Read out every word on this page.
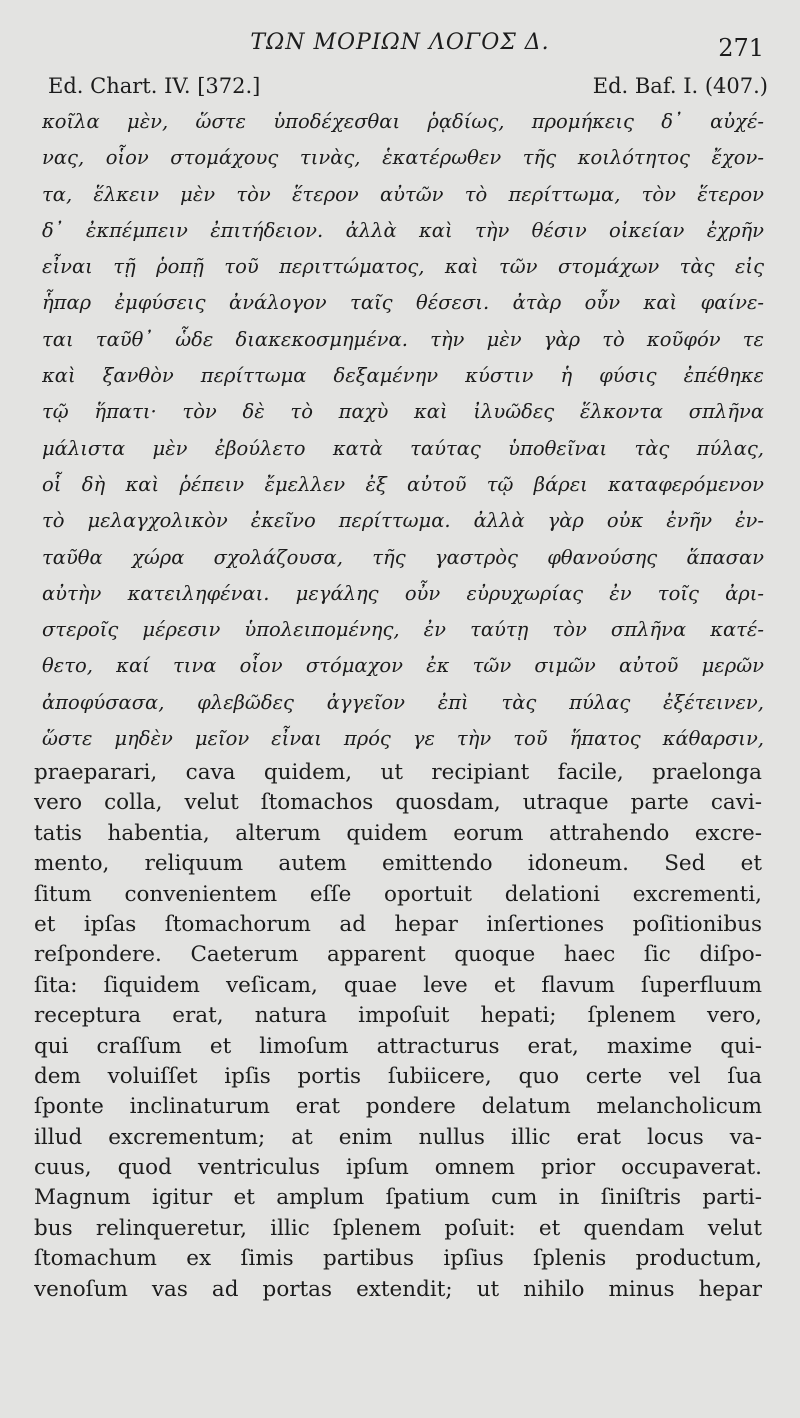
ΤΩΝ ΜΟΡΙΩΝ ΛΟΓΟΣ Δ.	271
Ed. Chart. IV. [372.]	Ed. Baf. I. (407.)
κοῖλα μὲν, ὥστε ὑποδέχεσθαι ῥᾳδίως, προμήκεις δ᾽ αὐχέ-
νας, οἷον στομάχους τινὰς, ἑκατέρωθεν τῆς κοιλότητος ἔχον-
τα, ἕλκειν μὲν τὸν ἕτερον αὐτῶν τὸ περίττωμα, τὸν ἕτερον
δ᾽ ἐκπέμπειν ἐπιτήδειον. ἀλλὰ καὶ τὴν θέσιν οἰκείαν ἐχρῆν
εἶναι τῇ ῥοπῇ τοῦ περιττώματος, καὶ τῶν στομάχων τὰς εἰς
ἧπαρ ἐμφύσεις ἀνάλογον ταῖς θέσεσι. ἀτὰρ οὖν καὶ φαίνε-
ται ταῦθ᾽ ὧδε διακεκοσμημένα. τὴν μὲν γὰρ τὸ κοῦφόν τε
καὶ ξανθὸν περίττωμα δεξαμένην κύστιν ἡ φύσις ἐπέθηκε
τῷ ἥπατι· τὸν δὲ τὸ παχὺ καὶ ἰλυῶδες ἕλκοντα σπλῆνα
μάλιστα μὲν ἐβούλετο κατὰ ταύτας ὑποθεῖναι τὰς πύλας,
οἷ δὴ καὶ ῥέπειν ἔμελλεν ἐξ αὐτοῦ τῷ βάρει καταφερόμενον
τὸ μελαγχολικὸν ἐκεῖνο περίττωμα. ἀλλὰ γὰρ οὐκ ἐνῆν ἐν-
ταῦθα χώρα σχολάζουσα, τῆς γαστρὸς φθανούσης ἅπασαν
αὐτὴν κατειληφέναι. μεγάλης οὖν εὐρυχωρίας ἐν τοῖς ἀρι-
στεροῖς μέρεσιν ὑπολειπομένης, ἐν ταύτῃ τὸν σπλῆνα κατέ-
θετο, καί τινα οἷον στόμαχον ἐκ τῶν σιμῶν αὐτοῦ μερῶν
ἀποφύσασα, φλεβῶδες ἀγγεῖον ἐπὶ τὰς πύλας ἐξέτεινεν,
ὥστε μηδὲν μεῖον εἶναι πρός γε τὴν τοῦ ἥπατος κάθαρσιν,
praeparari, cava quidem, ut recipiant facile, praelonga
vero colla, velut ſtomachos quosdam, utraque parte cavi-
tatis habentia, alterum quidem eorum attrahendo excre-
mento, reliquum autem emittendo idoneum. Sed et
ſitum convenientem eſſe oportuit delationi excrementi,
et ipſas ſtomachorum ad hepar inſertiones poſitionibus
reſpondere. Caeterum apparent quoque haec ſic diſpo-
ſita: ſiquidem veſicam, quae leve et flavum ſuperfluum
receptura erat, natura impoſuit hepati; ſplenem vero,
qui craſſum et limoſum attracturus erat, maxime qui-
dem voluiſſet ipſis portis ſubiicere, quo certe vel ſua
ſponte inclinaturum erat pondere delatum melancholicum
illud excrementum; at enim nullus illic erat locus va-
cuus, quod ventriculus ipſum omnem prior occupaverat.
Magnum igitur et amplum ſpatium cum in ſiniſtris parti-
bus relinqueretur, illic ſplenem poſuit: et quendam velut
ſtomachum ex ſimis partibus ipſius ſplenis productum,
venoſum vas ad portas extendit; ut nihilo minus hepar
